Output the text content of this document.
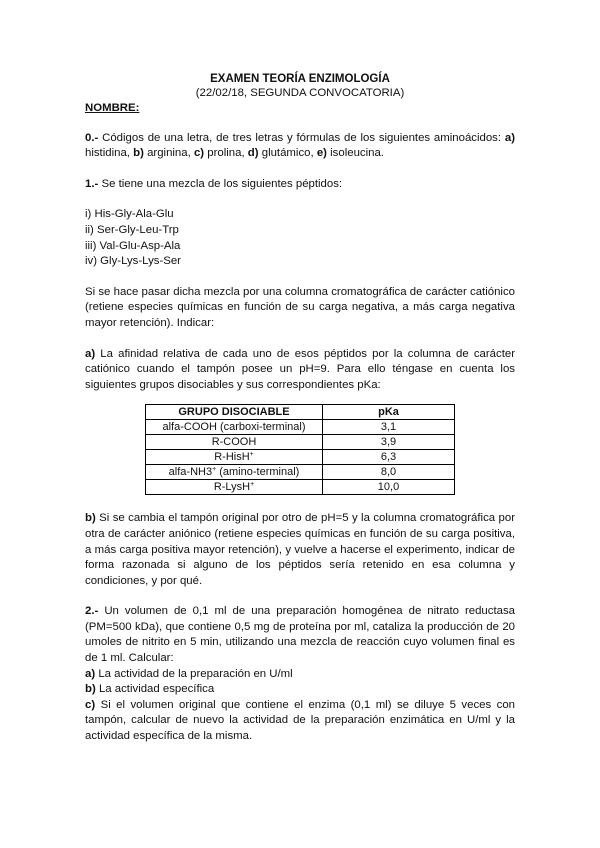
EXAMEN TEORÍA ENZIMOLOGÍA

(22/02/18, SEGUNDA CONVOCATORIA)

NOMBRE:

0.- Códigos de una letra, de tres letras y fórmulas de los siguientes aminoácidos: a) histidina, b) arginina, c) prolina, d) glutámico, e) isoleucina.

1.- Se tiene una mezcla de los siguientes péptidos:

i) His-Gly-Ala-Glu

ii) Ser-Gly-Leu-Trp

iii) Val-Glu-Asp-Ala

iv) Gly-Lys-Lys-Ser

Si se hace pasar dicha mezcla por una columna cromatográfica de carácter catiónico (retiene especies químicas en función de su carga negativa, a más carga negativa mayor retención). Indicar:

a) La afinidad relativa de cada uno de esos péptidos por la columna de carácter catiónico cuando el tampón posee un pH=9. Para ello téngase en cuenta los siguientes grupos disociables y sus correspondientes pKa:

GRUPO DISOCIABLE	pKa
alfa-COOH (carboxi-terminal)	3,1
R-COOH	3,9
R-HisH+	6,3
alfa-NH3+ (amino-terminal)	8,0
R-LysH+	10,0

b) Si se cambia el tampón original por otro de pH=5 y la columna cromatográfica por otra de carácter aniónico (retiene especies químicas en función de su carga positiva, a más carga positiva mayor retención), y vuelve a hacerse el experimento, indicar de forma razonada si alguno de los péptidos sería retenido en esa columna y condiciones, y por qué.

2.- Un volumen de 0,1 ml de una preparación homogénea de nitrato reductasa (PM=500 kDa), que contiene 0,5 mg de proteína por ml, cataliza la producción de 20 umoles de nitrito en 5 min, utilizando una mezcla de reacción cuyo volumen final es de 1 ml. Calcular:

a) La actividad de la preparación en U/ml

b) La actividad específica

c) Si el volumen original que contiene el enzima (0,1 ml) se diluye 5 veces con tampón, calcular de nuevo la actividad de la preparación enzimática en U/ml y la actividad específica de la misma.
